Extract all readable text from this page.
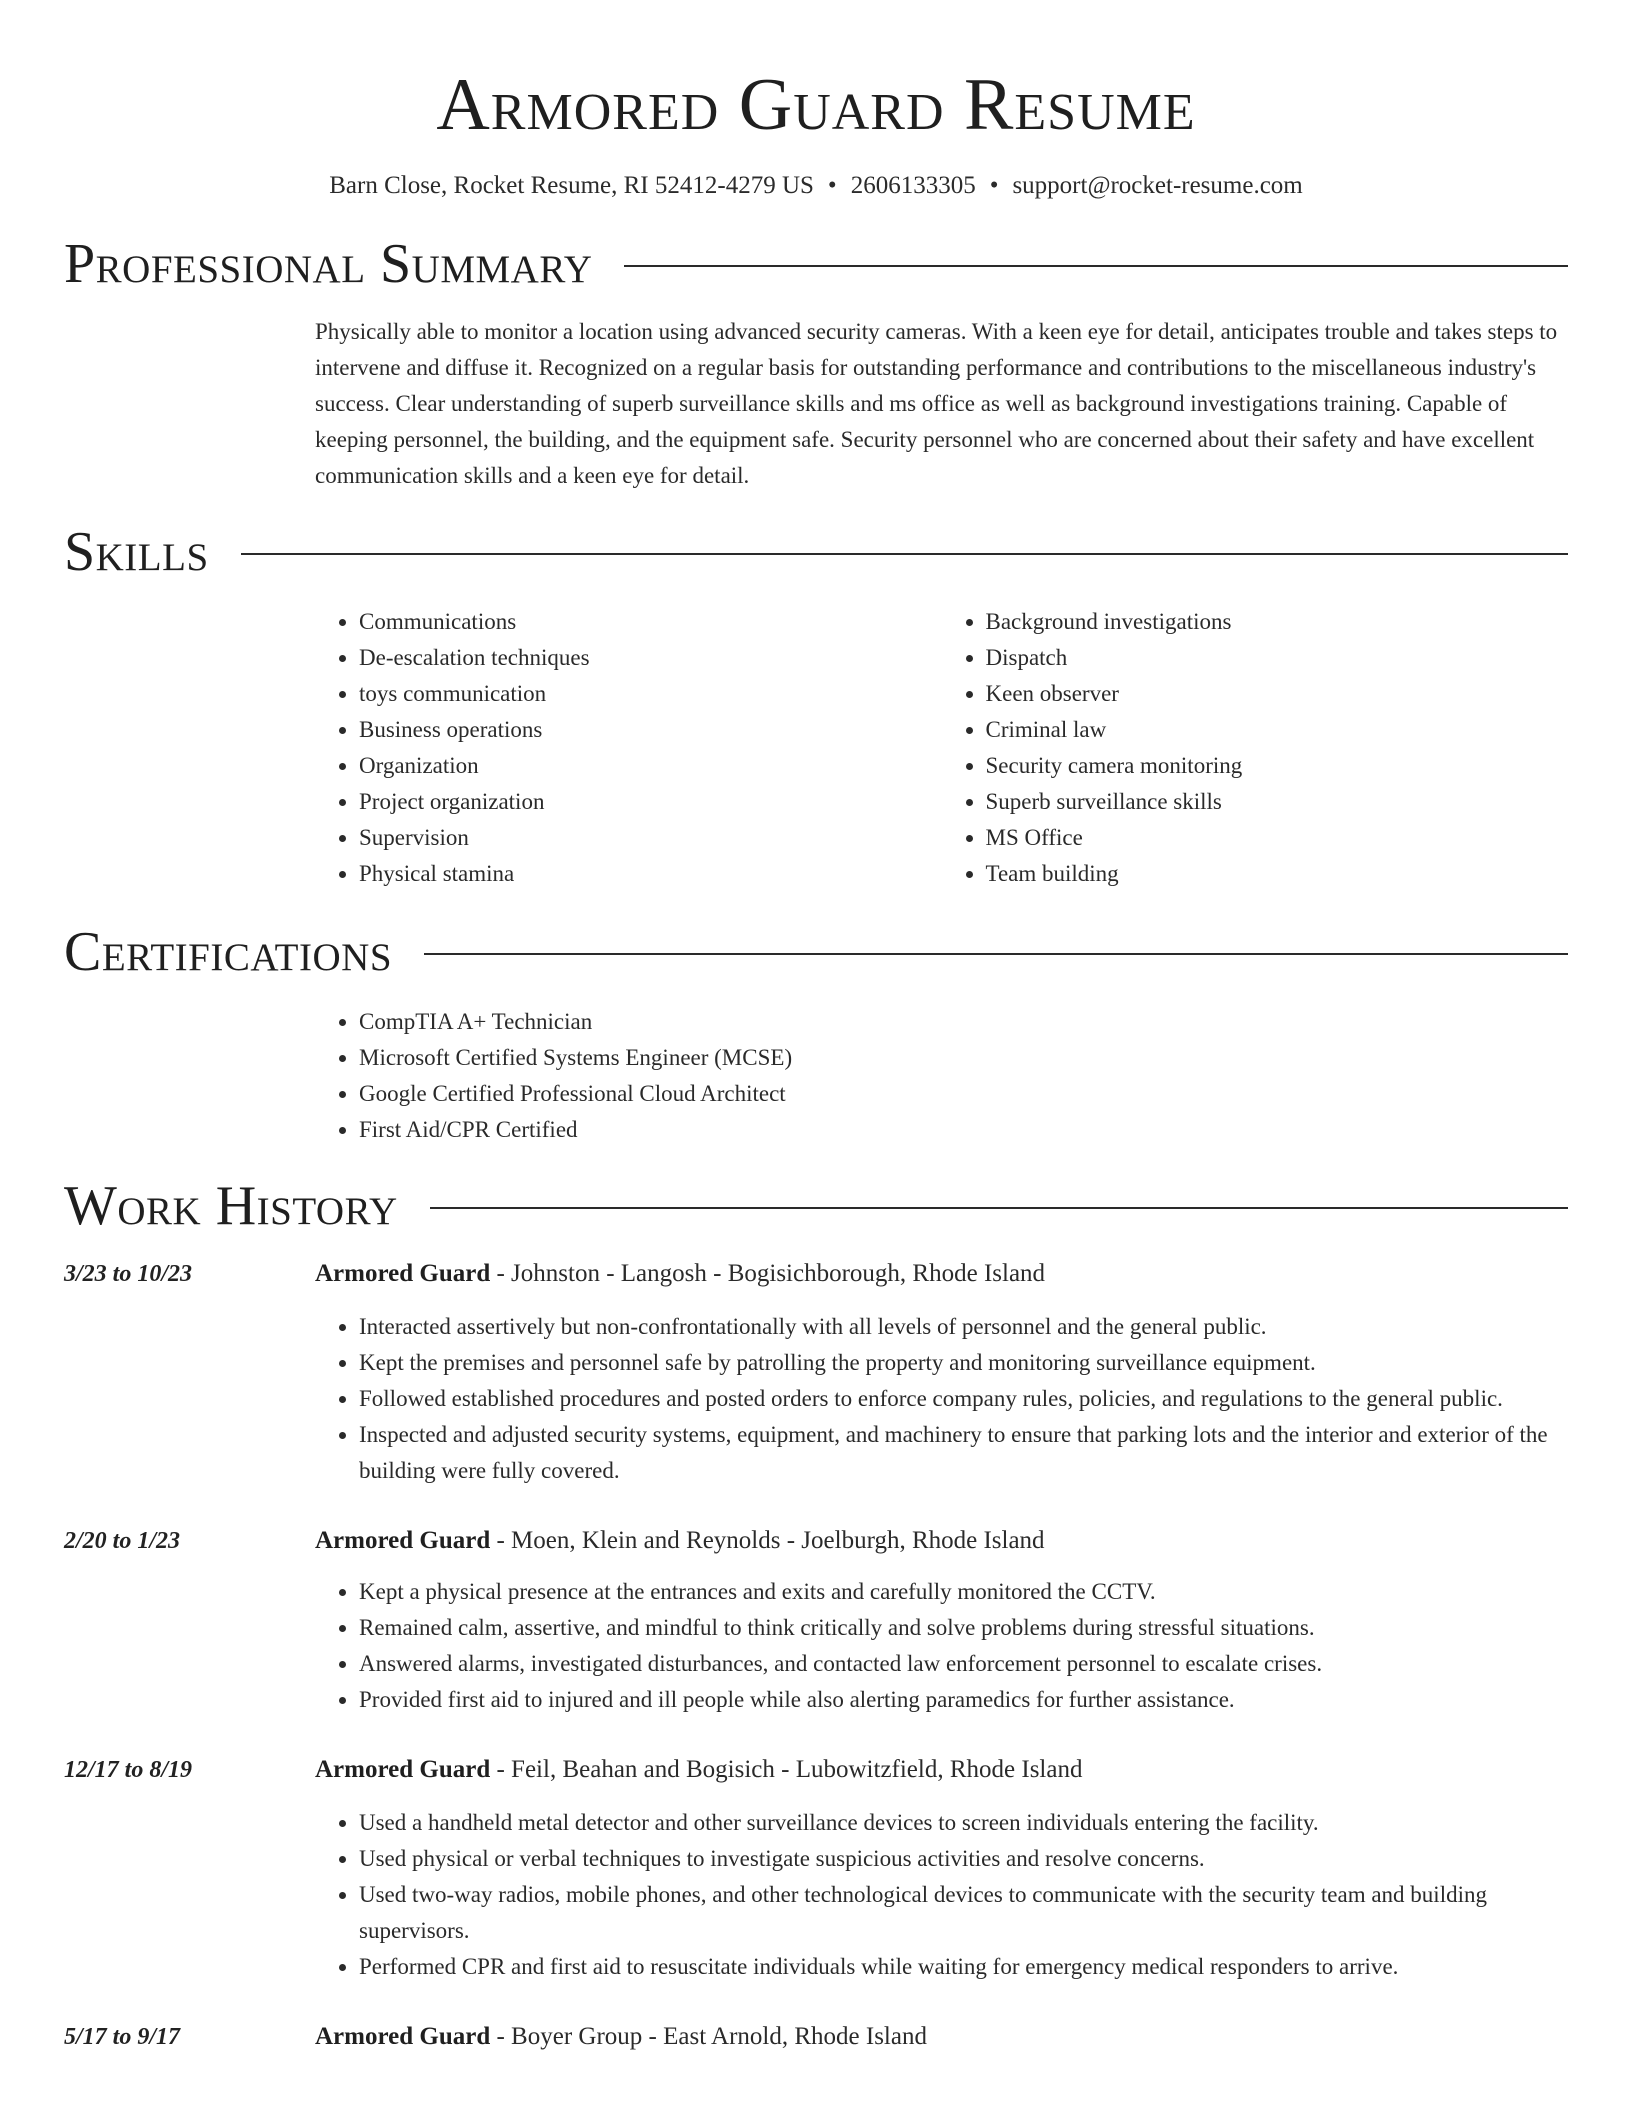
Armored Guard Resume
Barn Close, Rocket Resume, RI 52412-4279 US • 2606133305 • support@rocket-resume.com
Professional Summary

Physically able to monitor a location using advanced security cameras. With a keen eye for detail, anticipates trouble and takes steps to intervene and diffuse it. Recognized on a regular basis for outstanding performance and contributions to the miscellaneous industry's success. Clear understanding of superb surveillance skills and ms office as well as background investigations training. Capable of keeping personnel, the building, and the equipment safe. Security personnel who are concerned about their safety and have excellent communication skills and a keen eye for detail.

Skills
• Communications
• De-escalation techniques
• toys communication
• Business operations
• Organization
• Project organization
• Supervision
• Physical stamina
• Background investigations
• Dispatch
• Keen observer
• Criminal law
• Security camera monitoring
• Superb surveillance skills
• MS Office
• Team building
Certifications
• CompTIA A+ Technician
• Microsoft Certified Systems Engineer (MCSE)
• Google Certified Professional Cloud Architect
• First Aid/CPR Certified
Work History
3/23 to 10/23	Armored Guard - Johnston - Langosh - Bogisichborough, Rhode Island
• Interacted assertively but non-confrontationally with all levels of personnel and the general public.
• Kept the premises and personnel safe by patrolling the property and monitoring surveillance equipment.
• Followed established procedures and posted orders to enforce company rules, policies, and regulations to the general public.
• Inspected and adjusted security systems, equipment, and machinery to ensure that parking lots and the interior and exterior of the building were fully covered.
2/20 to 1/23	Armored Guard - Moen, Klein and Reynolds - Joelburgh, Rhode Island
• Kept a physical presence at the entrances and exits and carefully monitored the CCTV.
• Remained calm, assertive, and mindful to think critically and solve problems during stressful situations.
• Answered alarms, investigated disturbances, and contacted law enforcement personnel to escalate crises.
• Provided first aid to injured and ill people while also alerting paramedics for further assistance.
12/17 to 8/19	Armored Guard - Feil, Beahan and Bogisich - Lubowitzfield, Rhode Island
• Used a handheld metal detector and other surveillance devices to screen individuals entering the facility.
• Used physical or verbal techniques to investigate suspicious activities and resolve concerns.
• Used two-way radios, mobile phones, and other technological devices to communicate with the security team and building supervisors.
• Performed CPR and first aid to resuscitate individuals while waiting for emergency medical responders to arrive.
5/17 to 9/17	Armored Guard - Boyer Group - East Arnold, Rhode Island
